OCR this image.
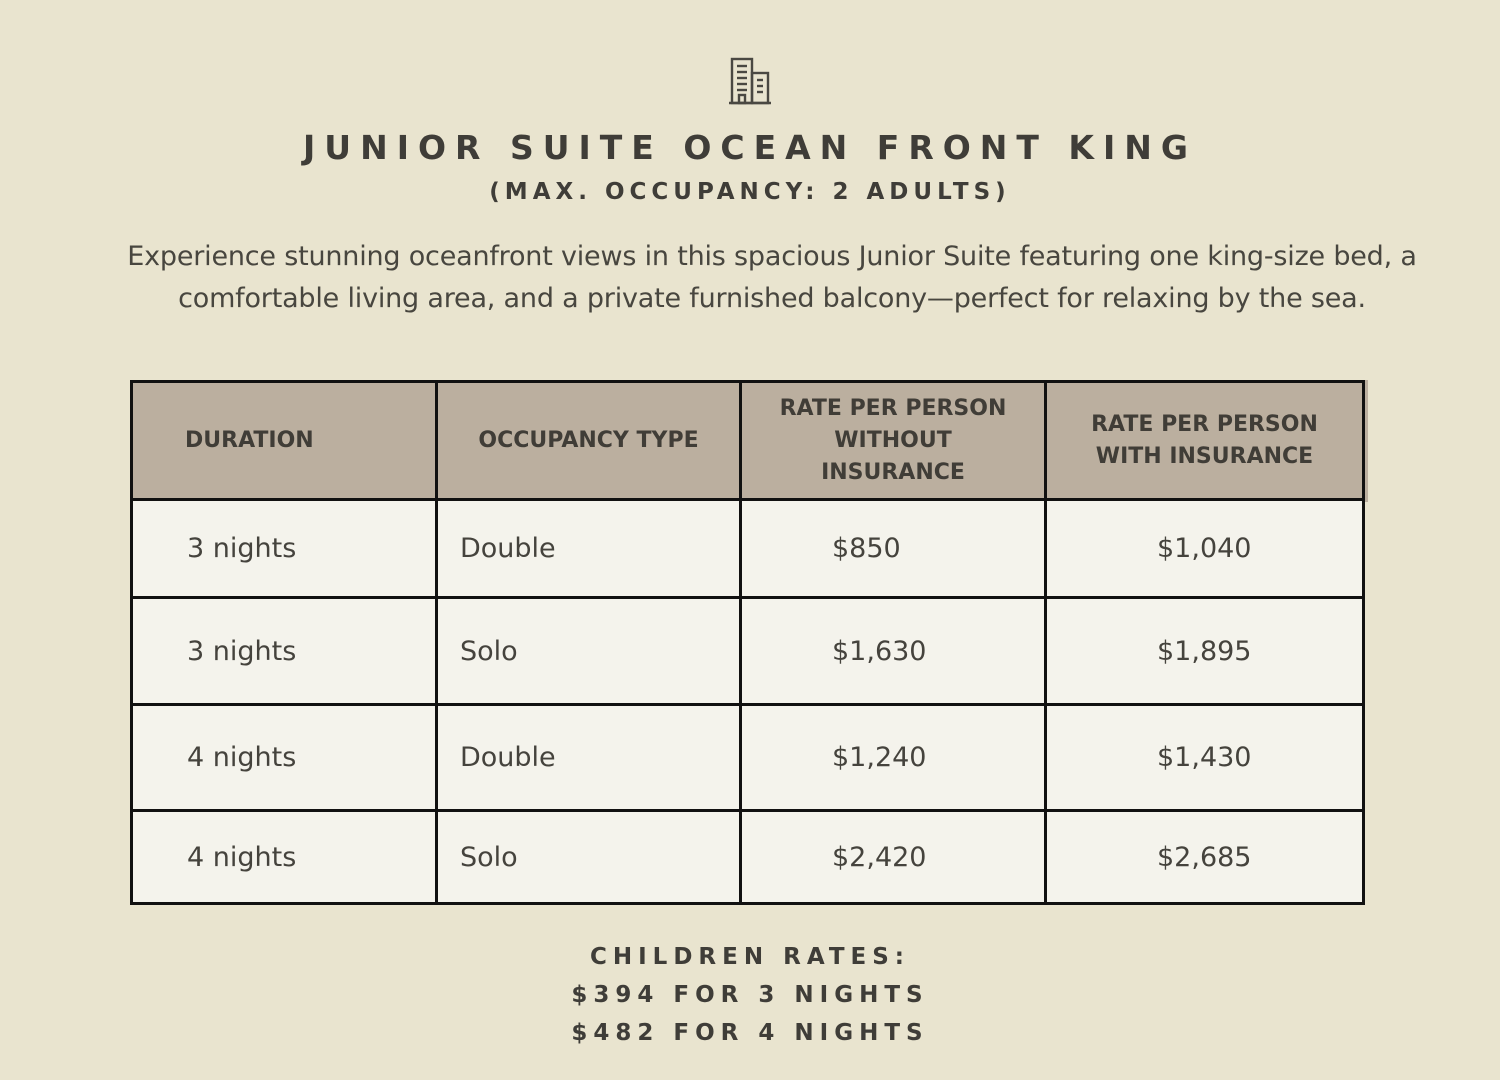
JUNIOR SUITE OCEAN FRONT KING
(MAX. OCCUPANCY: 2 ADULTS)
Experience stunning oceanfront views in this spacious Junior Suite featuring one king-size bed, a comfortable living area, and a private furnished balcony—perfect for relaxing by the sea.
DURATION	OCCUPANCY TYPE	RATE PER PERSON WITHOUT INSURANCE	RATE PER PERSON WITH INSURANCE
3 nights	Double	$850	$1,040
3 nights	Solo	$1,630	$1,895
4 nights	Double	$1,240	$1,430
4 nights	Solo	$2,420	$2,685
CHILDREN RATES:
$394 FOR 3 NIGHTS
$482 FOR 4 NIGHTS
